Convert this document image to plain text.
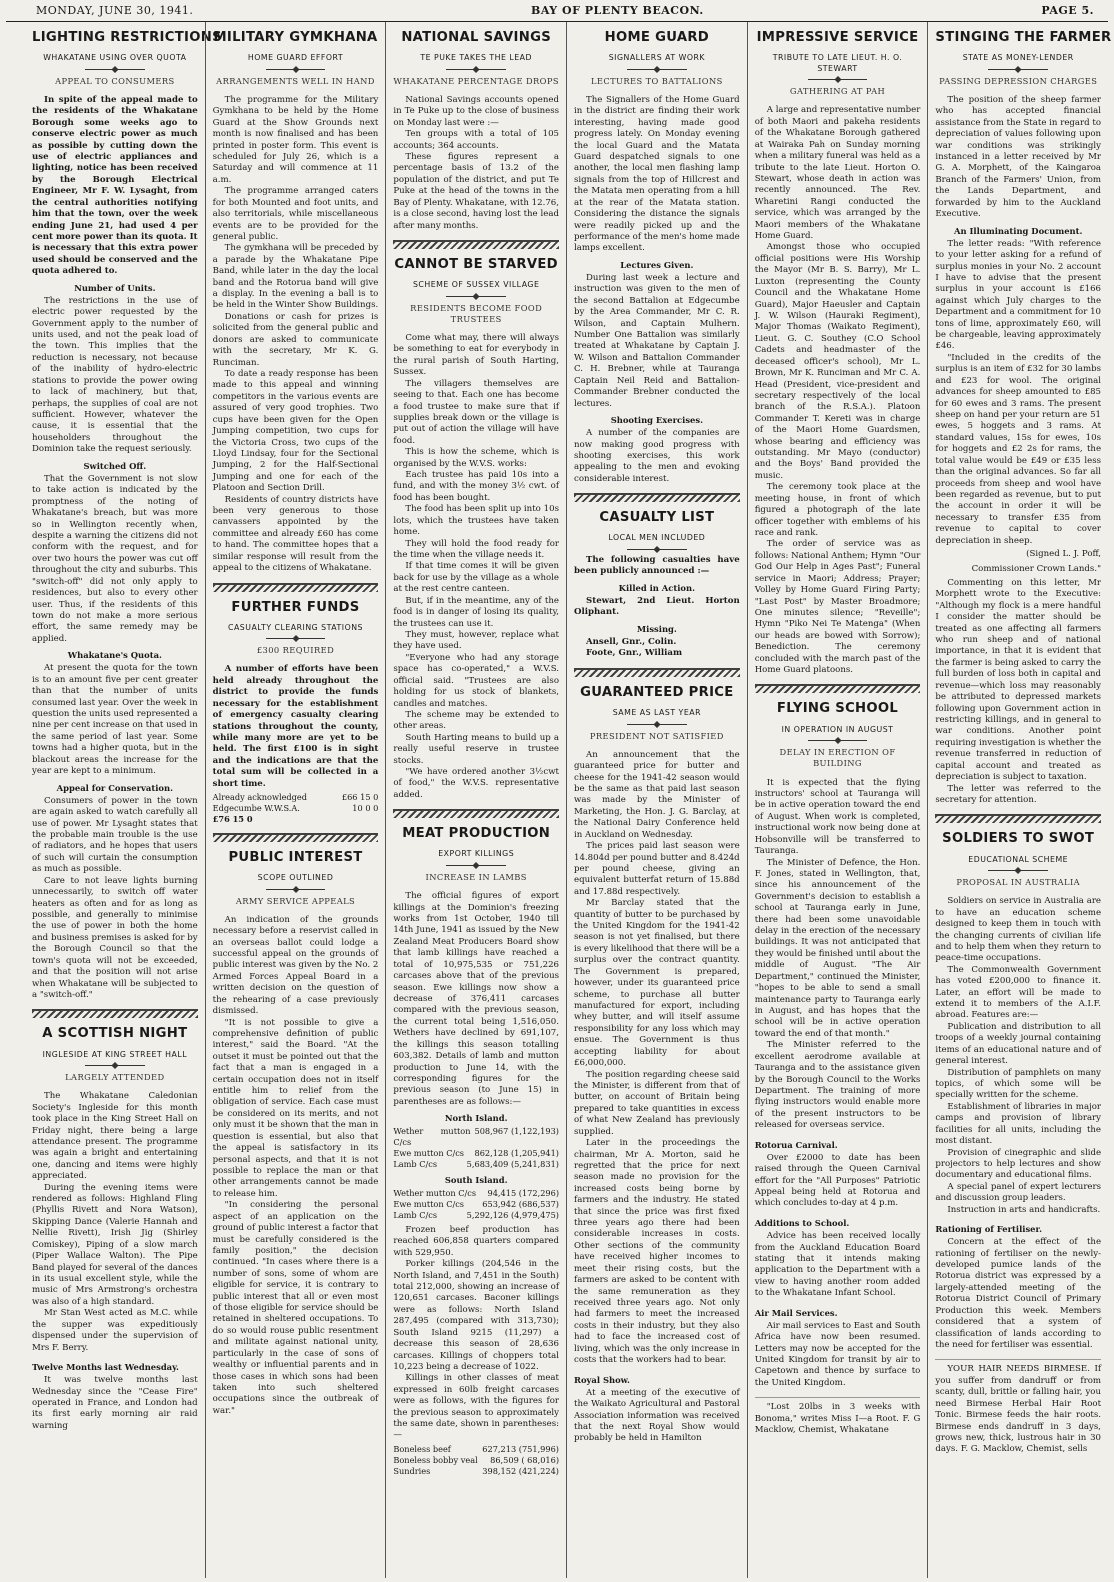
MONDAY, JUNE 30, 1941.	BAY OF PLENTY BEACON.	PAGE 5.
LIGHTING RESTRICTIONS
WHAKATANE USING OVER QUOTA
APPEAL TO CONSUMERS

In spite of the appeal made to the residents of the Whakatane Borough some weeks ago to conserve electric power as much as possible by cutting down the use of electric appliances and lighting, notice has been received by the Borough Electrical Engineer, Mr F. W. Lysaght, from the central authorities notifying him that the town, over the week ending June 21, had used 4 per cent more power than its quota. It is necessary that this extra power used should be conserved and the quota adhered to.

Number of Units.

The restrictions in the use of electric power requested by the Government apply to the number of units used, and not the peak load of the town. This implies that the reduction is necessary, not because of the inability of hydro-electric stations to provide the power owing to lack of machinery, but that, perhaps, the supplies of coal are not sufficient. However, whatever the cause, it is essential that the householders throughout the Dominion take the request seriously.

Switched Off.

That the Government is not slow to take action is indicated by the promptness of the noting of Whakatane's breach, but was more so in Wellington recently when, despite a warning the citizens did not conform with the request, and for over two hours the power was cut off throughout the city and suburbs. This "switch-off" did not only apply to residences, but also to every other user. Thus, if the residents of this town do not make a more serious effort, the same remedy may be applied.

Whakatane's Quota.

At present the quota for the town is to an amount five per cent greater than that the number of units consumed last year. Over the week in question the units used represented a nine per cent increase on that used in the same period of last year. Some towns had a higher quota, but in the blackout areas the increase for the year are kept to a minimum.

Appeal for Conservation.

Consumers of power in the town are again asked to watch carefully all use of power. Mr Lysaght states that the probable main trouble is the use of radiators, and he hopes that users of such will curtain the consumption as much as possible.

Care to not leave lights burning unnecessarily, to switch off water heaters as often and for as long as possible, and generally to minimise the use of power in both the home and business premises is asked for by the Borough Council so that the town's quota will not be exceeded, and that the position will not arise when Whakatane will be subjected to a "switch-off."

A SCOTTISH NIGHT
INGLESIDE AT KING STREET HALL
LARGELY ATTENDED

The Whakatane Caledonian Society's Ingleside for this month took place in the King Street Hall on Friday night, there being a large attendance present. The programme was again a bright and entertaining one, dancing and items were highly appreciated.

During the evening items were rendered as follows: Highland Fling (Phyllis Rivett and Nora Watson), Skipping Dance (Valerie Hannah and Nellie Rivett), Irish Jig (Shirley Comiskey), Piping of a slow march (Piper Wallace Walton). The Pipe Band played for several of the dances in its usual excellent style, while the music of Mrs Armstrong's orchestra was also of a high standard.

Mr Stan West acted as M.C. while the supper was expeditiously dispensed under the supervision of Mrs F. Berry.

Twelve Months last Wednesday.

It was twelve months last Wednesday since the "Cease Fire" operated in France, and London had its first early morning air raid warning

MILITARY GYMKHANA
HOME GUARD EFFORT
ARRANGEMENTS WELL IN HAND

The programme for the Military Gymkhana to be held by the Home Guard at the Show Grounds next month is now finalised and has been printed in poster form. This event is scheduled for July 26, which is a Saturday and will commence at 11 a.m.

The programme arranged caters for both Mounted and foot units, and also territorials, while miscellaneous events are to be provided for the general public.

The gymkhana will be preceded by a parade by the Whakatane Pipe Band, while later in the day the local band and the Rotorua band will give a display. In the evening a ball is to be held in the Winter Show Buildings.

Donations or cash for prizes is solicited from the general public and donors are asked to communicate with the secretary, Mr K. G. Runciman.

To date a ready response has been made to this appeal and winning competitors in the various events are assured of very good trophies. Two cups have been given for the Open Jumping competition, two cups for the Victoria Cross, two cups of the Lloyd Lindsay, four for the Sectional Jumping, 2 for the Half-Sectional Jumping and one for each of the Platoon and Section Drill.

Residents of country districts have been very generous to those canvassers appointed by the committee and already £60 has come to hand. The committee hopes that a similar response will result from the appeal to the citizens of Whakatane.

FURTHER FUNDS
CASUALTY CLEARING STATIONS
£300 REQUIRED

A number of efforts have been held already throughout the district to provide the funds necessary for the establishment of emergency casualty clearing stations throughout the county, while many more are yet to be held. The first £100 is in sight and the indications are that the total sum will be collected in a short time.

Already acknowledged	£66 15 0
Edgecumbe W.W.S.A.	10 0 0
£76 15 0
PUBLIC INTEREST
SCOPE OUTLINED
ARMY SERVICE APPEALS

An indication of the grounds necessary before a reservist called in an overseas ballot could lodge a successful appeal on the grounds of public interest was given by the No. 2 Armed Forces Appeal Board in a written decision on the question of the rehearing of a case previously dismissed.

"It is not possible to give a comprehensive definition of public interest," said the Board. "At the outset it must be pointed out that the fact that a man is engaged in a certain occupation does not in itself entitle him to relief from the obligation of service. Each case must be considered on its merits, and not only must it be shown that the man in question is essential, but also that the appeal is satisfactory in its personal aspects, and that it is not possible to replace the man or that other arrangements cannot be made to release him.

"In considering the personal aspect of an application on the ground of public interest a factor that must be carefully considered is the family position," the decision continued. "In cases where there is a number of sons, some of whom are eligible for service, it is contrary to public interest that all or even most of those eligible for service should be retained in sheltered occupations. To do so would rouse public resentment and militate against national unity, particularly in the case of sons of wealthy or influential parents and in those cases in which sons had been taken into such sheltered occupations since the outbreak of war."

NATIONAL SAVINGS
TE PUKE TAKES THE LEAD
WHAKATANE PERCENTAGE DROPS

National Savings accounts opened in Te Puke up to the close of business on Monday last were :—

Ten groups with a total of 105 accounts; 364 accounts.

These figures represent a percentage basis of 13.2 of the population of the district, and put Te Puke at the head of the towns in the Bay of Plenty. Whakatane, with 12.76, is a close second, having lost the lead after many months.

CANNOT BE STARVED
SCHEME OF SUSSEX VILLAGE
RESIDENTS BECOME FOOD TRUSTEES

Come what may, there will always be something to eat for everybody in the rural parish of South Harting, Sussex.

The villagers themselves are seeing to that. Each one has become a food trustee to make sure that if supplies break down or the village is put out of action the village will have food.

This is how the scheme, which is organised by the W.V.S. works:

Each trustee has paid 10s into a fund, and with the money 3½ cwt. of food has been bought.

The food has been split up into 10s lots, which the trustees have taken home.

They will hold the food ready for the time when the village needs it.

If that time comes it will be given back for use by the village as a whole at the rest centre canteen.

But, if in the meantime, any of the food is in danger of losing its quality, the trustees can use it.

They must, however, replace what they have used.

"Everyone who had any storage space has co-operated," a W.V.S. official said. "Trustees are also holding for us stock of blankets, candles and matches.

The scheme may be extended to other areas.

South Harting means to build up a really useful reserve in trustee stocks.

"We have ordered another 3½cwt of food," the W.V.S. representative added.

MEAT PRODUCTION
EXPORT KILLINGS
INCREASE IN LAMBS

The official figures of export killings at the Dominion's freezing works from 1st October, 1940 till 14th June, 1941 as issued by the New Zealand Meat Producers Board show that lamb killings have reached a total of 10,975,535 or 751,226 carcases above that of the previous season. Ewe killings now show a decrease of 376,411 carcases compared with the previous season, the current total being 1,516,050. Wethers have declined by 691,107, the killings this season totalling 603,382. Details of lamb and mutton production to June 14, with the corresponding figures for the previous season (to June 15) in parentheses are as follows:—

North Island.
Wether mutton C/cs
508,967 (1,122,193)
Ewe mutton C/cs	862,128 (1,205,941)
Lamb C/cs	5,683,409 (5,241,831)
South Island.
Wether mutton C/cs	94,415 (172,296)
Ewe mutton C/cs	653,942 (686,537)
Lamb C/cs	5,292,126 (4,979,475)

Frozen beef production has reached 606,858 quarters compared with 529,950.

Porker killings (204,546 in the North Island, and 7,451 in the South) total 212,000, showing an increase of 120,651 carcases. Baconer killings were as follows: North Island 287,495 (compared with 313,730); South Island 9215 (11,297) a decrease this season of 28,636 carcases. Killings of choppers total 10,223 being a decrease of 1022.

Killings in other classes of meat expressed in 60lb freight carcases were as follows, with the figures for the previous season to approximately the same date, shown in parentheses:—

Boneless beef	627,213 (751,996)
Boneless bobby veal	86,509 ( 68,016)
Sundries	398,152 (421,224)
HOME GUARD
SIGNALLERS AT WORK
LECTURES TO BATTALIONS

The Signallers of the Home Guard in the district are finding their work interesting, having made good progress lately. On Monday evening the local Guard and the Matata Guard despatched signals to one another, the local men flashing lamp signals from the top of Hillcrest and the Matata men operating from a hill at the rear of the Matata station. Considering the distance the signals were readily picked up and the performance of the men's home made lamps excellent.

Lectures Given.

During last week a lecture and instruction was given to the men of the second Battalion at Edgecumbe by the Area Commander, Mr C. R. Wilson, and Captain Mulhern. Number One Battalion was similarly treated at Whakatane by Captain J. W. Wilson and Battalion Commander C. H. Brebner, while at Tauranga Captain Neil Reid and Battalion-Commander Brebner conducted the lectures.

Shooting Exercises.

A number of the companies are now making good progress with shooting exercises, this work appealing to the men and evoking considerable interest.

CASUALTY LIST
LOCAL MEN INCLUDED

The following casualties have been publicly announced :—

Killed in Action.

Stewart, 2nd Lieut. Horton Oliphant.

Missing.

Ansell, Gnr., Colin.

Foote, Gnr., William

GUARANTEED PRICE
SAME AS LAST YEAR
PRESIDENT NOT SATISFIED

An announcement that the guaranteed price for butter and cheese for the 1941-42 season would be the same as that paid last season was made by the Minister of Marketing, the Hon. J. G. Barclay, at the National Dairy Conference held in Auckland on Wednesday.

The prices paid last season were 14.804d per pound butter and 8.424d per pound cheese, giving an equivalent butterfat return of 15.88d and 17.88d respectively.

Mr Barclay stated that the quantity of butter to be purchased by the United Kingdom for the 1941-42 season is not yet finalised, but there is every likelihood that there will be a surplus over the contract quantity. The Government is prepared, however, under its guaranteed price scheme, to purchase all butter manufactured for export, including whey butter, and will itself assume responsibility for any loss which may ensue. The Government is thus accepting liability for about £6,000,000.

The position regarding cheese said the Minister, is different from that of butter, on account of Britain being prepared to take quantities in excess of what New Zealand has previously supplied.

Later in the proceedings the chairman, Mr A. Morton, said he regretted that the price for next season made no provision for the increased costs being borne by farmers and the industry. He stated that since the price was first fixed three years ago there had been considerable increases in costs. Other sections of the community have received higher incomes to meet their rising costs, but the farmers are asked to be content with the same remuneration as they received three years ago. Not only had farmers to meet the increased costs in their industry, but they also had to face the increased cost of living, which was the only increase in costs that the workers had to bear.

Royal Show.

At a meeting of the executive of the Waikato Agricultural and Pastoral Association information was received that the next Royal Show would probably be held in Hamilton

IMPRESSIVE SERVICE
TRIBUTE TO LATE LIEUT. H. O. STEWART
GATHERING AT PAH

A large and representative number of both Maori and pakeha residents of the Whakatane Borough gathered at Wairaka Pah on Sunday morning when a military funeral was held as a tribute to the late Lieut. Horton O. Stewart, whose death in action was recently announced. The Rev. Wharetini Rangi conducted the service, which was arranged by the Maori members of the Whakatane Home Guard.

Amongst those who occupied official positions were His Worship the Mayor (Mr B. S. Barry), Mr L. Luxton (representing the County Council and the Whakatane Home Guard), Major Haeusler and Captain J. W. Wilson (Hauraki Regiment), Major Thomas (Waikato Regiment), Lieut. G. C. Southey (C.O School Cadets and headmaster of the deceased officer's school), Mr L. Brown, Mr K. Runciman and Mr C. A. Head (President, vice-president and secretary respectively of the local branch of the R.S.A.). Platoon Commander T. Kereti was in charge of the Maori Home Guardsmen, whose bearing and efficiency was outstanding. Mr Mayo (conductor) and the Boys' Band provided the music.

The ceremony took place at the meeting house, in front of which figured a photograph of the late officer together with emblems of his race and rank.

The order of service was as follows: National Anthem; Hymn "Our God Our Help in Ages Past"; Funeral service in Maori; Address; Prayer; Volley by Home Guard Firing Party; "Last Post" by Master Broadmore; One minutes silence; "Reveille"; Hymn "Piko Nei Te Matenga" (When our heads are bowed with Sorrow); Benediction. The ceremony concluded with the march past of the Home Guard platoons.

FLYING SCHOOL
IN OPERATION IN AUGUST
DELAY IN ERECTION OF BUILDING

It is expected that the flying instructors' school at Tauranga will be in active operation toward the end of August. When work is completed, instructional work now being done at Hobsonville will be transferred to Tauranga.

The Minister of Defence, the Hon. F. Jones, stated in Wellington, that, since his announcement of the Government's decision to establish a school at Tauranga early in June, there had been some unavoidable delay in the erection of the necessary buildings. It was not anticipated that they would be finished until about the middle of August. "The Air Department," continued the Minister, "hopes to be able to send a small maintenance party to Tauranga early in August, and has hopes that the school will be in active operation toward the end of that month."

The Minister referred to the excellent aerodrome available at Tauranga and to the assistance given by the Borough Council to the Works Department. The training of more flying instructors would enable more of the present instructors to be released for overseas service.

Rotorua Carnival.

Over £2000 to date has been raised through the Queen Carnival effort for the "All Purposes" Patriotic Appeal being held at Rotorua and which concludes to-day at 4 p.m.

Additions to School.

Advice has been received locally from the Auckland Education Board stating that it intends making application to the Department with a view to having another room added to the Whakatane Infant School.

Air Mail Services.

Air mail services to East and South Africa have now been resumed. Letters may now be accepted for the United Kingdom for transit by air to Capetown and thence by surface to the United Kingdom.

"Lost 20lbs in 3 weeks with Bonoma," writes Miss I—a Root. F. G Macklow, Chemist, Whakatane

STINGING THE FARMER
STATE AS MONEY-LENDER
PASSING DEPRESSION CHARGES

The position of the sheep farmer who has accepted financial assistance from the State in regard to depreciation of values following upon war conditions was strikingly instanced in a letter received by Mr G. A. Morphett, of the Kaingaroa Branch of the Farmers' Union, from the Lands Department, and forwarded by him to the Auckland Executive.

An Illuminating Document.

The letter reads: "With reference to your letter asking for a refund of surplus monies in your No. 2 account I have to advise that the present surplus in your account is £166 against which July charges to the Department and a commitment for 10 tons of lime, approximately £60, will be chargeable, leaving approximately £46.

"Included in the credits of the surplus is an item of £32 for 30 lambs and £23 for wool. The original advances for sheep amounted to £85 for 60 ewes and 3 rams. The present sheep on hand per your return are 51 ewes, 5 hoggets and 3 rams. At standard values, 15s for ewes, 10s for hoggets and £2 2s for rams, the total value would be £49 or £35 less than the original advances. So far all proceeds from sheep and wool have been regarded as revenue, but to put the account in order it will be necessary to transfer £35 from revenue to capital to cover depreciation in sheep.

(Signed L. J. Poff,
Commissioner Crown Lands."

Commenting on this letter, Mr Morphett wrote to the Executive: "Although my flock is a mere handful I consider the matter should be treated as one affecting all farmers who run sheep and of national importance, in that it is evident that the farmer is being asked to carry the full burden of loss both in capital and revenue—which loss may reasonably be attributed to depressed markets following upon Government action in restricting killings, and in general to war conditions. Another point requiring investigation is whether the revenue transferred in reduction of capital account and treated as depreciation is subject to taxation.

The letter was referred to the secretary for attention.

SOLDIERS TO SWOT
EDUCATIONAL SCHEME
PROPOSAL IN AUSTRALIA

Soldiers on service in Australia are to have an education scheme designed to keep them in touch with the changing currents of civilian life and to help them when they return to peace-time occupations.

The Commonwealth Government has voted £200,000 to finance it. Later, an effort will be made to extend it to members of the A.I.F. abroad. Features are:—

Publication and distribution to all troops of a weekly journal containing items of an educational nature and of general interest.

Distribution of pamphlets on many topics, of which some will be specially written for the scheme.

Establishment of libraries in major camps and provision of library facilities for all units, including the most distant.

Provision of cinegraphic and slide projectors to help lectures and show documentary and educational films.

A special panel of expert lecturers and discussion group leaders.

Instruction in arts and handicrafts.

Rationing of Fertiliser.

Concern at the effect of the rationing of fertiliser on the newly-developed pumice lands of the Rotorua district was expressed by a largely-attended meeting of the Rotorua District Council of Primary Production this week. Members considered that a system of classification of lands according to the need for fertiliser was essential.

YOUR HAIR NEEDS BIRMESE. If you suffer from dandruff or from scanty, dull, brittle or falling hair, you need Birmese Herbal Hair Root Tonic. Birmese feeds the hair roots. Birmese ends dandruff in 3 days, grows new, thick, lustrous hair in 30 days. F. G. Macklow, Chemist, sells
